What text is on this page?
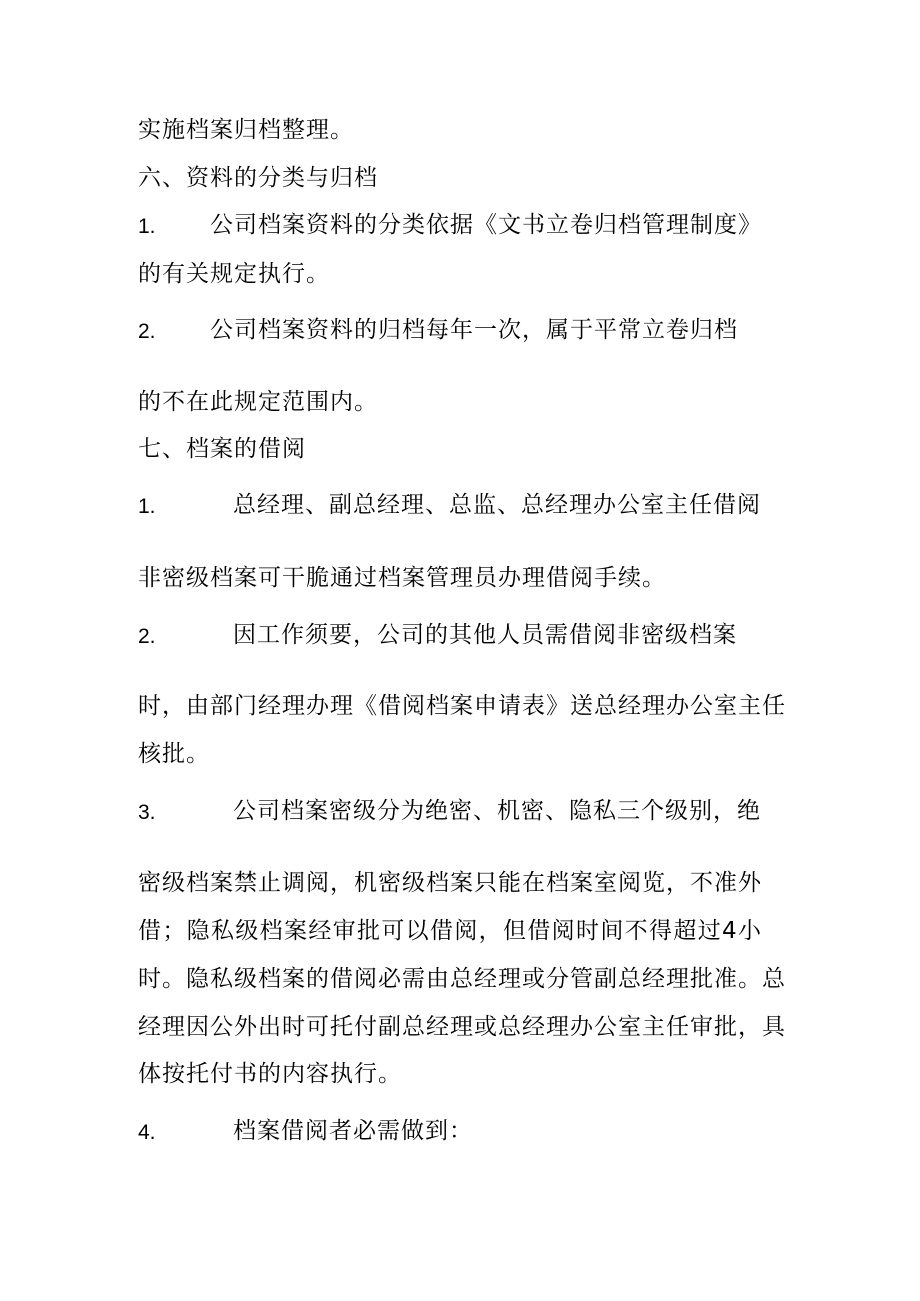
实施档案归档整理。
六、资料的分类与归档
1. 公司档案资料的分类依据《文书立卷归档管理制度》
的有关规定执行。
2. 公司档案资料的归档每年一次，属于平常立卷归档
的不在此规定范围内。
七、档案的借阅
1.	总经理、副总经理、总监、总经理办公室主任借阅
非密级档案可干脆通过档案管理员办理借阅手续。
2.	因工作须要，公司的其他人员需借阅非密级档案
时，由部门经理办理《借阅档案申请表》送总经理办公室主任
核批。
3.	公司档案密级分为绝密、机密、隐私三个级别，绝
密级档案禁止调阅，机密级档案只能在档案室阅览，不准外
借；隐私级档案经审批可以借阅，但借阅时间不得超过4小
时。隐私级档案的借阅必需由总经理或分管副总经理批准。总
经理因公外出时可托付副总经理或总经理办公室主任审批，具
体按托付书的内容执行。
4.	档案借阅者必需做到：
